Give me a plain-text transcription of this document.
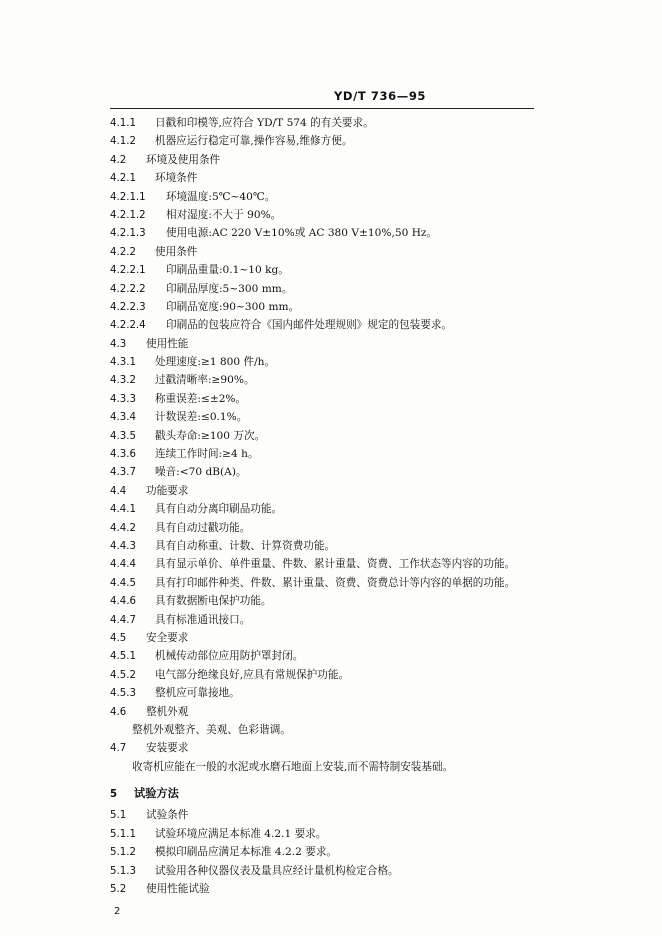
YD/T 736—95
4.1.1 日戳和印模等,应符合 YD/T 574 的有关要求。
4.1.2 机器应运行稳定可靠,操作容易,维修方便。
4.2 环境及使用条件
4.2.1 环境条件
4.2.1.1 环境温度:5℃~40℃。
4.2.1.2 相对湿度:不大于 90%。
4.2.1.3 使用电源:AC 220 V±10%或 AC 380 V±10%,50 Hz。
4.2.2 使用条件
4.2.2.1 印刷品重量:0.1~10 kg。
4.2.2.2 印刷品厚度:5~300 mm。
4.2.2.3 印刷品宽度:90~300 mm。
4.2.2.4 印刷品的包装应符合《国内邮件处理规则》规定的包装要求。
4.3 使用性能
4.3.1 处理速度:≥1 800 件/h。
4.3.2 过戳清晰率:≥90%。
4.3.3 称重误差:≤±2%。
4.3.4 计数误差:≤0.1%。
4.3.5 戳头寿命:≥100 万次。
4.3.6 连续工作时间:≥4 h。
4.3.7 噪音:<70 dB(A)。
4.4 功能要求
4.4.1 具有自动分离印刷品功能。
4.4.2 具有自动过戳功能。
4.4.3 具有自动称重、计数、计算资费功能。
4.4.4 具有显示单价、单件重量、件数、累计重量、资费、工作状态等内容的功能。
4.4.5 具有打印邮件种类、件数、累计重量、资费、资费总计等内容的单据的功能。
4.4.6 具有数据断电保护功能。
4.4.7 具有标准通讯接口。
4.5 安全要求
4.5.1 机械传动部位应用防护罩封闭。
4.5.2 电气部分绝缘良好,应具有常规保护功能。
4.5.3 整机应可靠接地。
4.6 整机外观
整机外观整齐、美观、色彩谐调。
4.7 安装要求
收寄机应能在一般的水泥或水磨石地面上安装,而不需特制安装基础。
5 试验方法
5.1 试验条件
5.1.1 试验环境应满足本标准 4.2.1 要求。
5.1.2 模拟印刷品应满足本标准 4.2.2 要求。
5.1.3 试验用各种仪器仪表及量具应经计量机构检定合格。
5.2 使用性能试验
2
